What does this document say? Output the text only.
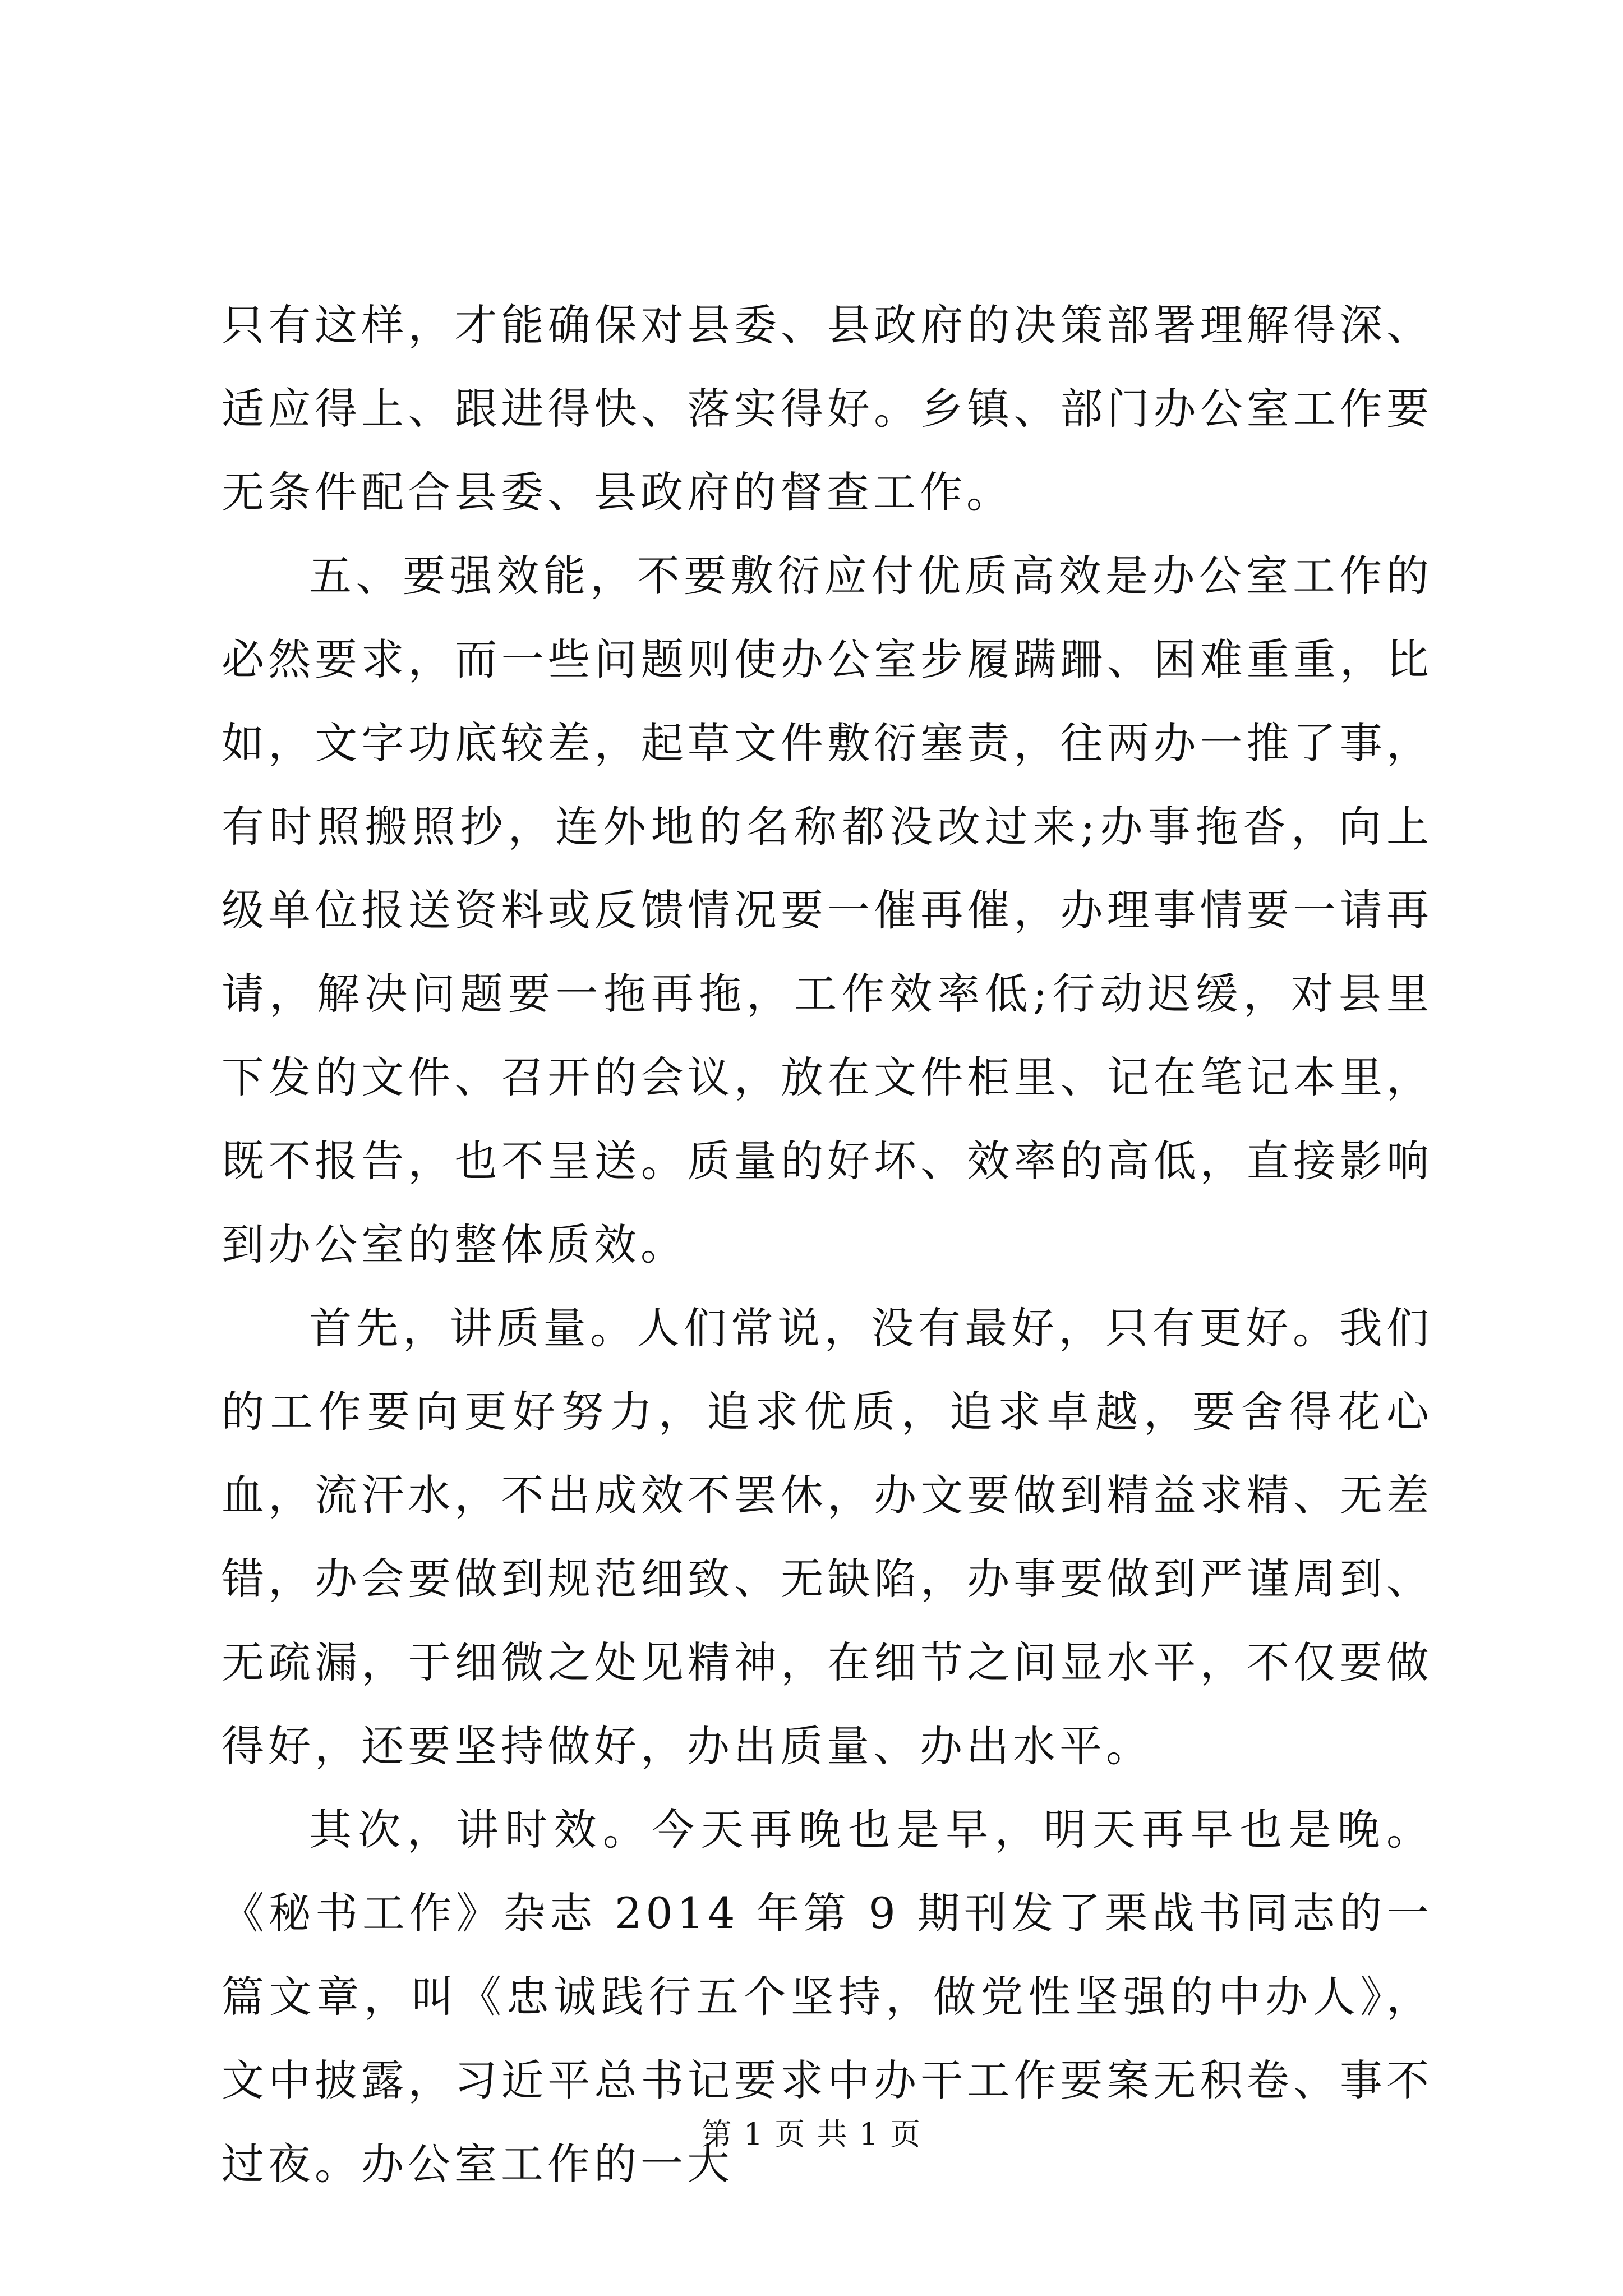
只有这样，才能确保对县委、县政府的决策部署理解得深、适应得上、跟进得快、落实得好。乡镇、部门办公室工作要无条件配合县委、县政府的督查工作。

五、要强效能，不要敷衍应付优质高效是办公室工作的必然要求，而一些问题则使办公室步履蹒跚、困难重重，比如，文字功底较差，起草文件敷衍塞责，往两办一推了事，有时照搬照抄，连外地的名称都没改过来;办事拖沓，向上级单位报送资料或反馈情况要一催再催，办理事情要一请再请，解决问题要一拖再拖，工作效率低;行动迟缓，对县里下发的文件、召开的会议，放在文件柜里、记在笔记本里，既不报告，也不呈送。质量的好坏、效率的高低，直接影响到办公室的整体质效。

首先，讲质量。人们常说，没有最好，只有更好。我们的工作要向更好努力，追求优质，追求卓越，要舍得花心血，流汗水，不出成效不罢休，办文要做到精益求精、无差错，办会要做到规范细致、无缺陷，办事要做到严谨周到、无疏漏，于细微之处见精神，在细节之间显水平，不仅要做得好，还要坚持做好，办出质量、办出水平。

其次，讲时效。今天再晚也是早，明天再早也是晚。《秘书工作》杂志 2014 年第 9 期刊发了栗战书同志的一篇文章，叫《忠诚践行五个坚持，做党性坚强的中办人》，文中披露，习近平总书记要求中办干工作要案无积卷、事不过夜。办公室工作的一大

第 1 页 共 1 页
